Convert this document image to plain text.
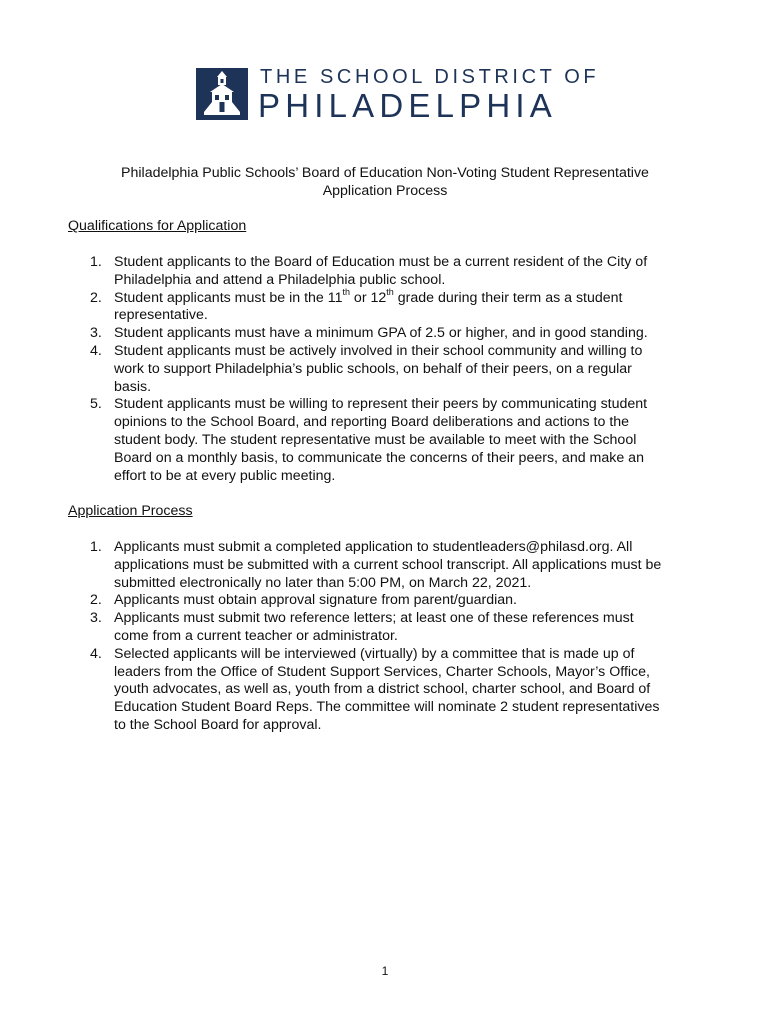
THE SCHOOL DISTRICT OF
PHILADELPHIA
Philadelphia Public Schools’ Board of Education Non-Voting Student Representative
Application Process
Qualifications for Application
1. Student applicants to the Board of Education must be a current resident of the City of
Philadelphia and attend a Philadelphia public school.
2. Student applicants must be in the 11th or 12th grade during their term as a student
representative.
3. Student applicants must have a minimum GPA of 2.5 or higher, and in good standing.
4. Student applicants must be actively involved in their school community and willing to
work to support Philadelphia’s public schools, on behalf of their peers, on a regular
basis.
5. Student applicants must be willing to represent their peers by communicating student
opinions to the School Board, and reporting Board deliberations and actions to the
student body. The student representative must be available to meet with the School
Board on a monthly basis, to communicate the concerns of their peers, and make an
effort to be at every public meeting.
Application Process
1. Applicants must submit a completed application to studentleaders@philasd.org. All
applications must be submitted with a current school transcript. All applications must be
submitted electronically no later than 5:00 PM, on March 22, 2021.
2. Applicants must obtain approval signature from parent/guardian.
3. Applicants must submit two reference letters; at least one of these references must
come from a current teacher or administrator.
4. Selected applicants will be interviewed (virtually) by a committee that is made up of
leaders from the Office of Student Support Services, Charter Schools, Mayor’s Office,
youth advocates, as well as, youth from a district school, charter school, and Board of
Education Student Board Reps. The committee will nominate 2 student representatives
to the School Board for approval.
1
